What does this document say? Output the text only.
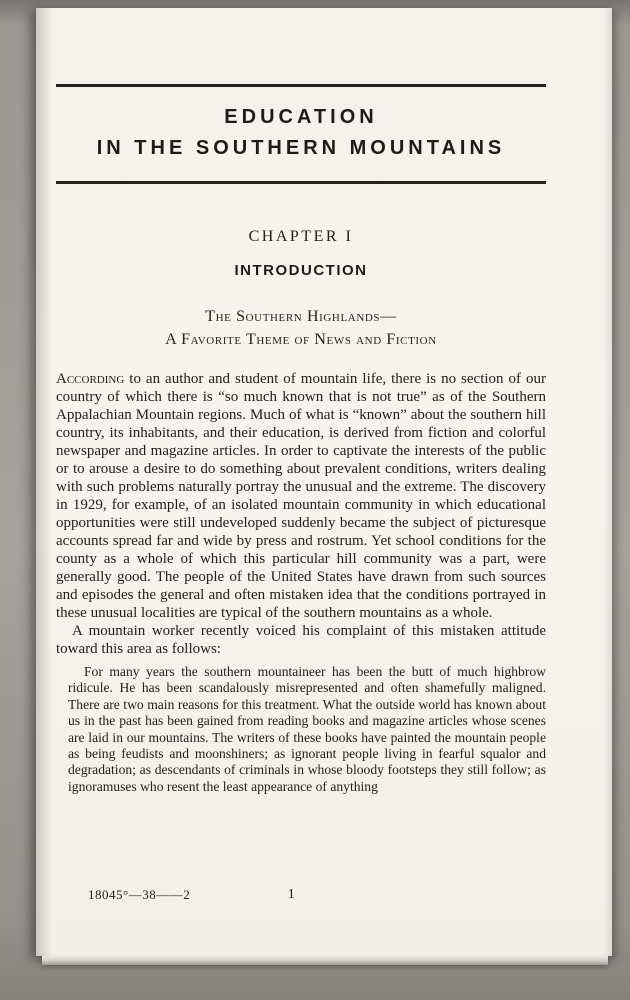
EDUCATION
IN THE SOUTHERN MOUNTAINS
CHAPTER I
INTRODUCTION
The Southern Highlands—
A Favorite Theme of News and Fiction

According to an author and student of mountain life, there is no section of our country of which there is “so much known that is not true” as of the Southern Appalachian Mountain regions. Much of what is “known” about the southern hill country, its inhabitants, and their education, is derived from fiction and colorful newspaper and magazine articles. In order to captivate the interests of the public or to arouse a desire to do something about prevalent conditions, writers dealing with such problems naturally portray the unusual and the extreme. The discovery in 1929, for example, of an isolated mountain community in which educational opportunities were still undeveloped suddenly became the subject of picturesque accounts spread far and wide by press and rostrum. Yet school conditions for the county as a whole of which this particular hill community was a part, were generally good. The people of the United States have drawn from such sources and episodes the general and often mistaken idea that the conditions portrayed in these unusual localities are typical of the southern mountains as a whole.

A mountain worker recently voiced his complaint of this mistaken attitude toward this area as follows:

For many years the southern mountaineer has been the butt of much highbrow ridicule. He has been scandalously misrepresented and often shamefully maligned. There are two main reasons for this treatment. What the outside world has known about us in the past has been gained from reading books and magazine articles whose scenes are laid in our mountains. The writers of these books have painted the mountain people as being feudists and moonshiners; as ignorant people living in fearful squalor and degradation; as descendants of criminals in whose bloody footsteps they still follow; as ignoramuses who resent the least appearance of anything

18045°—38——2	1
